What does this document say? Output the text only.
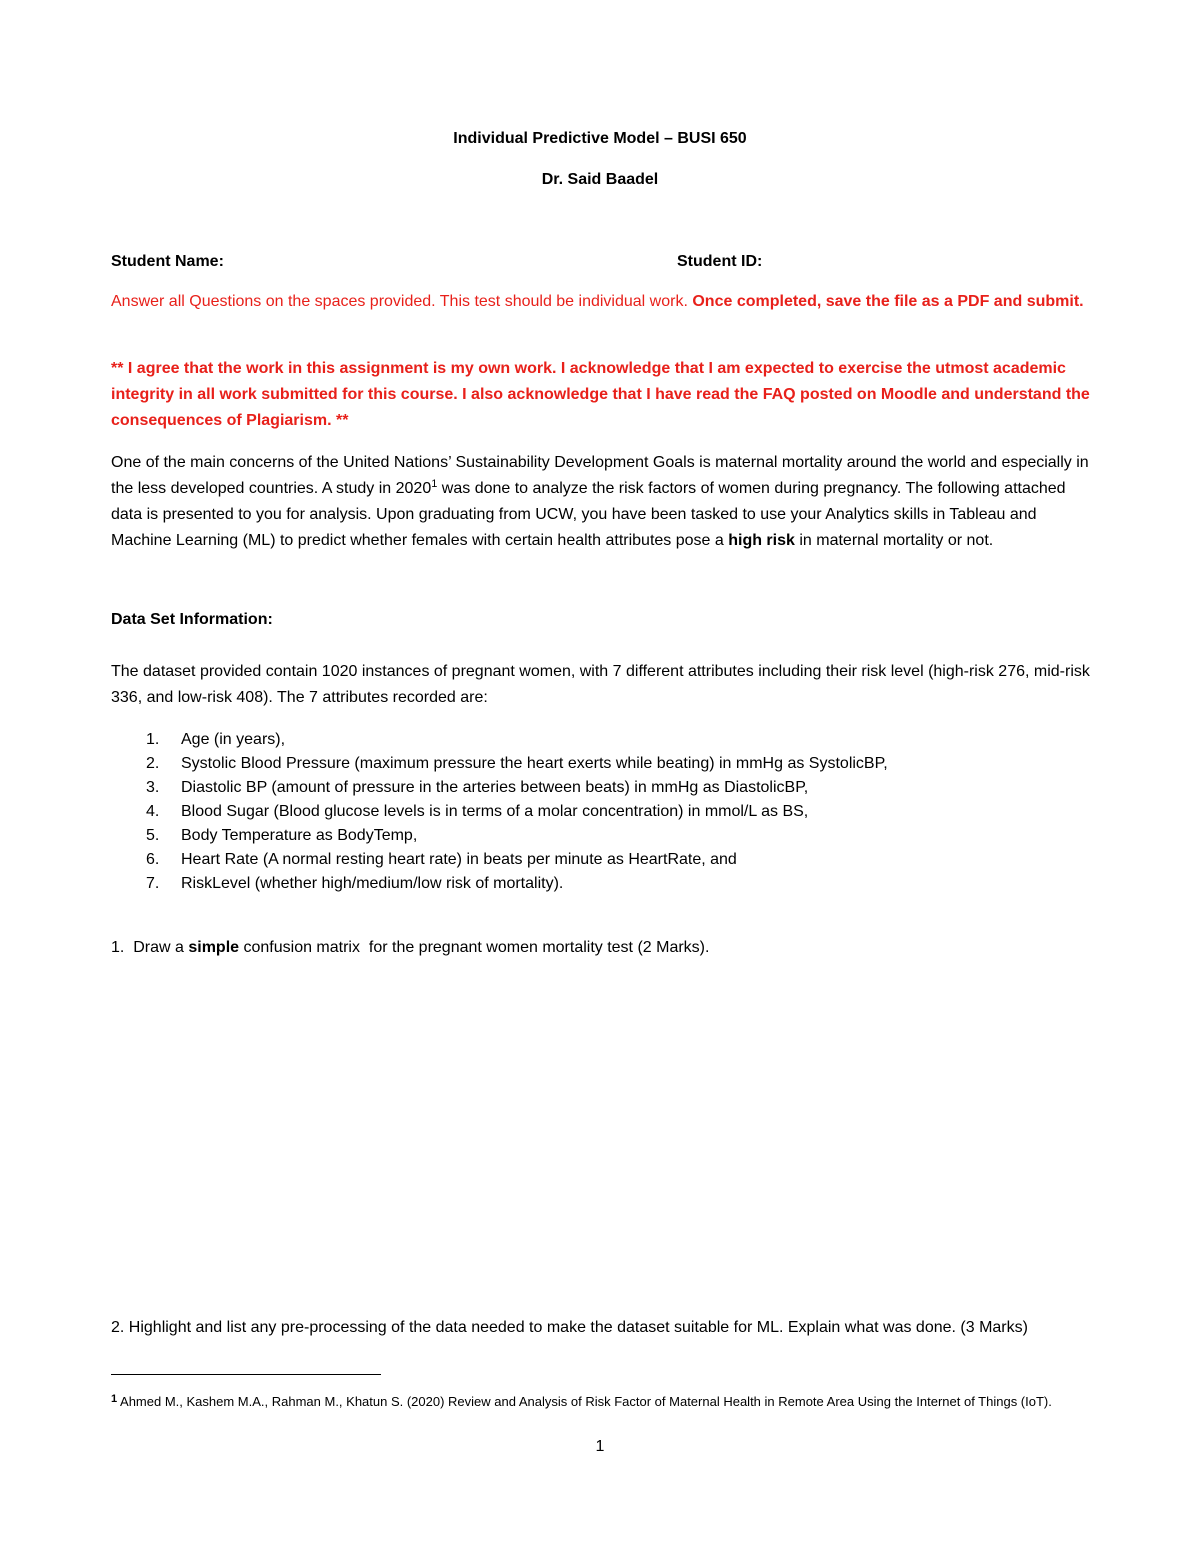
Individual Predictive Model – BUSI 650
Dr. Said Baadel
Student Name:	Student ID:

Answer all Questions on the spaces provided. This test should be individual work. Once completed, save the file as a PDF and submit.

** I agree that the work in this assignment is my own work. I acknowledge that I am expected to exercise the utmost academic integrity in all work submitted for this course. I also acknowledge that I have read the FAQ posted on Moodle and understand the consequences of Plagiarism. **

One of the main concerns of the United Nations’ Sustainability Development Goals is maternal mortality around the world and especially in the less developed countries. A study in 2020$^1$ was done to analyze the risk factors of women during pregnancy. The following attached data is presented to you for analysis. Upon graduating from UCW, you have been tasked to use your Analytics skills in Tableau and Machine Learning (ML) to predict whether females with certain health attributes pose a high risk in maternal mortality or not.

Data Set Information:

The dataset provided contain 1020 instances of pregnant women, with 7 different attributes including their risk level (high-risk 276, mid-risk 336, and low-risk 408). The 7 attributes recorded are:

1. Age (in years),
2. Systolic Blood Pressure (maximum pressure the heart exerts while beating) in mmHg as SystolicBP,
3. Diastolic BP (amount of pressure in the arteries between beats) in mmHg as DiastolicBP,
4. Blood Sugar (Blood glucose levels is in terms of a molar concentration) in mmol/L as BS,
5. Body Temperature as BodyTemp,
6. Heart Rate (A normal resting heart rate) in beats per minute as HeartRate, and
7. RiskLevel (whether high/medium/low risk of mortality).
1.  Draw a simple confusion matrix  for the pregnant women mortality test (2 Marks).
2. Highlight and list any pre-processing of the data needed to make the dataset suitable for ML. Explain what was done. (3 Marks)
$^1$ Ahmed M., Kashem M.A., Rahman M., Khatun S. (2020) Review and Analysis of Risk Factor of Maternal Health in Remote Area Using the Internet of Things (IoT).
1
